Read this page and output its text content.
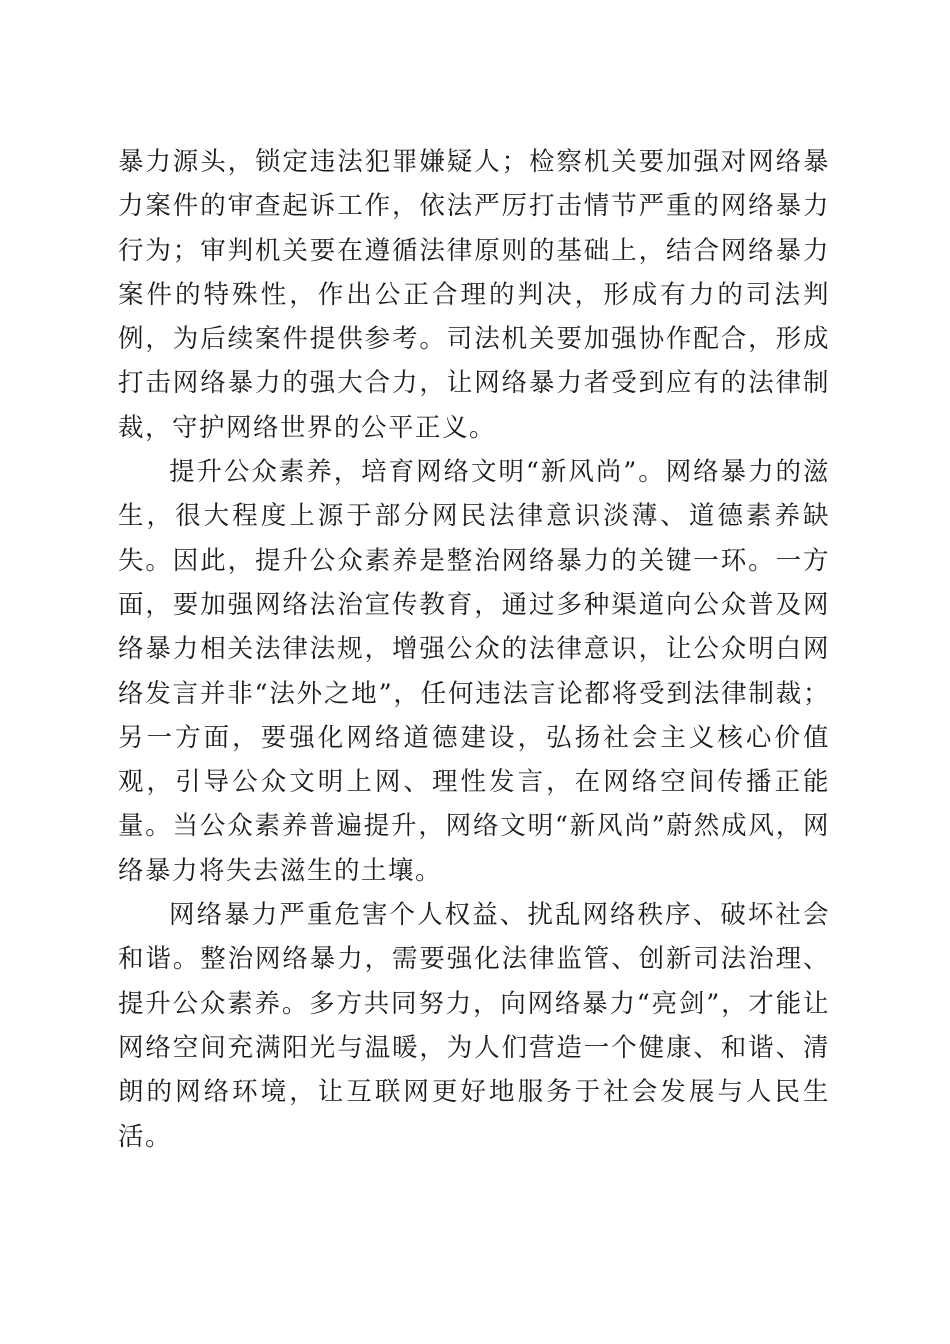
暴力源头，锁定违法犯罪嫌疑人；检察机关要加强对网络暴力案件的审查起诉工作，依法严厉打击情节严重的网络暴力行为；审判机关要在遵循法律原则的基础上，结合网络暴力案件的特殊性，作出公正合理的判决，形成有力的司法判例，为后续案件提供参考。司法机关要加强协作配合，形成打击网络暴力的强大合力，让网络暴力者受到应有的法律制裁，守护网络世界的公平正义。

提升公众素养，培育网络文明“新风尚”。网络暴力的滋生，很大程度上源于部分网民法律意识淡薄、道德素养缺失。因此，提升公众素养是整治网络暴力的关键一环。一方面，要加强网络法治宣传教育，通过多种渠道向公众普及网络暴力相关法律法规，增强公众的法律意识，让公众明白网络发言并非“法外之地”，任何违法言论都将受到法律制裁；另一方面，要强化网络道德建设，弘扬社会主义核心价值观，引导公众文明上网、理性发言，在网络空间传播正能量。当公众素养普遍提升，网络文明“新风尚”蔚然成风，网络暴力将失去滋生的土壤。

网络暴力严重危害个人权益、扰乱网络秩序、破坏社会和谐。整治网络暴力，需要强化法律监管、创新司法治理、提升公众素养。多方共同努力，向网络暴力“亮剑”，才能让网络空间充满阳光与温暖，为人们营造一个健康、和谐、清朗的网络环境，让互联网更好地服务于社会发展与人民生活。
